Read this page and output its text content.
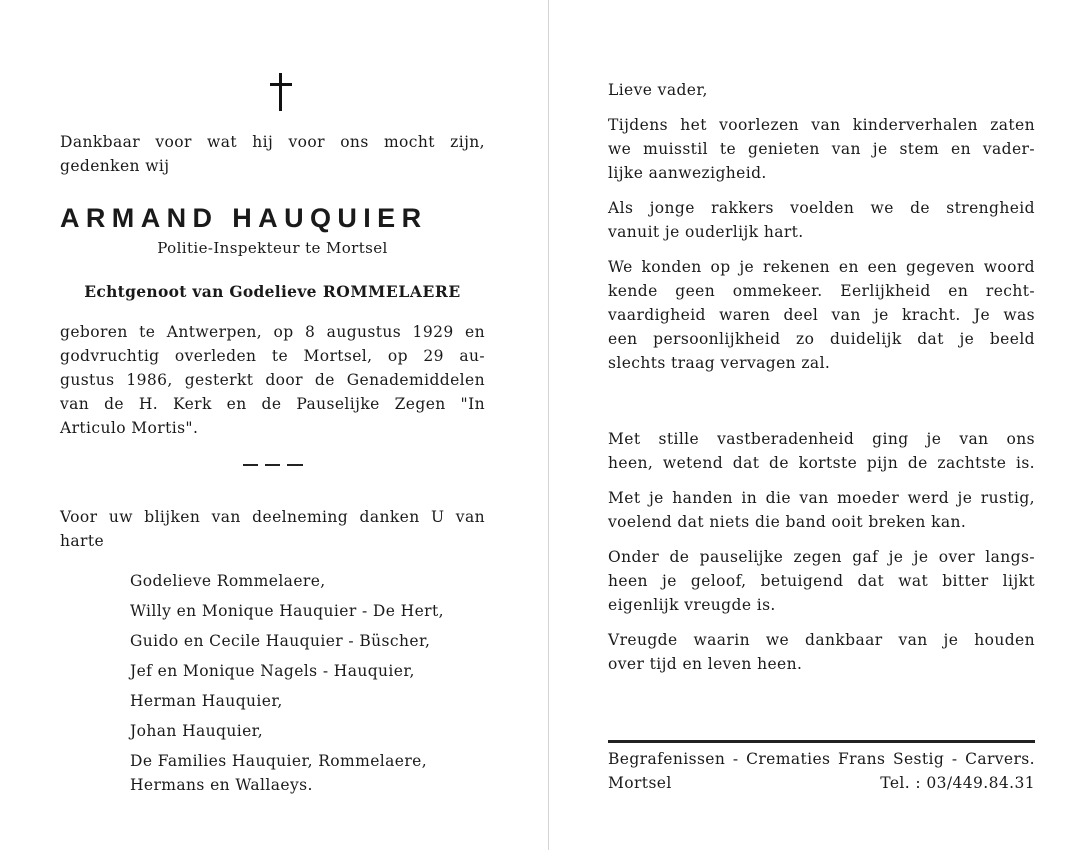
Dankbaar voor wat hij voor ons mocht zijn,
gedenken wij
ARMAND HAUQUIER
Politie-Inspekteur te Mortsel
Echtgenoot van Godelieve ROMMELAERE
geboren te Antwerpen, op 8 augustus 1929 en
godvruchtig overleden te Mortsel, op 29 au-
gustus 1986, gesterkt door de Genademiddelen
van de H. Kerk en de Pauselijke Zegen "In
Articulo Mortis".
Voor uw blijken van deelneming danken U van
harte
Godelieve Rommelaere,
Willy en Monique Hauquier - De Hert,
Guido en Cecile Hauquier - Büscher,
Jef en Monique Nagels - Hauquier,
Herman Hauquier,
Johan Hauquier,
De Families Hauquier, Rommelaere,
Hermans en Wallaeys.
Lieve vader,
Tijdens het voorlezen van kinderverhalen zaten
we muisstil te genieten van je stem en vader-
lijke aanwezigheid.
Als jonge rakkers voelden we de strengheid
vanuit je ouderlijk hart.
We konden op je rekenen en een gegeven woord
kende geen ommekeer. Eerlijkheid en recht-
vaardigheid waren deel van je kracht. Je was
een persoonlijkheid zo duidelijk dat je beeld
slechts traag vervagen zal.
Met stille vastberadenheid ging je van ons
heen, wetend dat de kortste pijn de zachtste is.
Met je handen in die van moeder werd je rustig,
voelend dat niets die band ooit breken kan.
Onder de pauselijke zegen gaf je je over langs-
heen je geloof, betuigend dat wat bitter lijkt
eigenlijk vreugde is.
Vreugde waarin we dankbaar van je houden
over tijd en leven heen.
Begrafenissen - Crematies Frans Sestig - Carvers.
Mortsel	Tel. : 03/449.84.31
